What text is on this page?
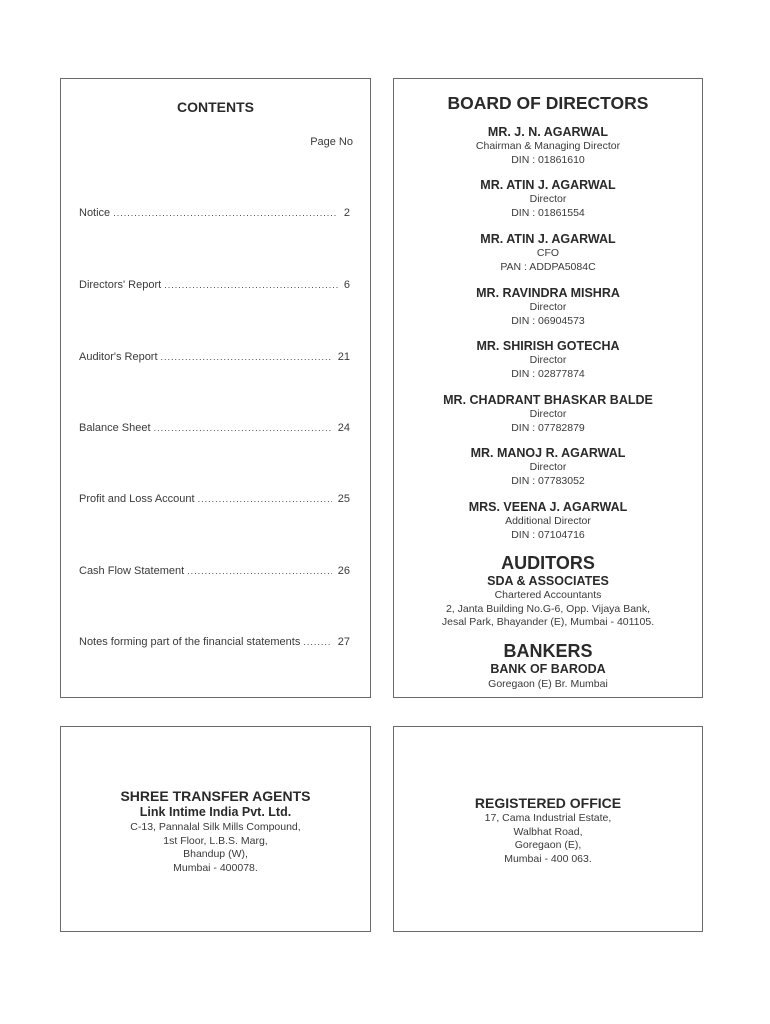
CONTENTS
Page No
Notice .....	2
Directors' Report .....	6
Auditor's Report .....	21
Balance Sheet .....	24
Profit and Loss Account .....	25
Cash Flow Statement .....	26
Notes forming part of the financial statements .....	27
BOARD OF DIRECTORS
MR. J. N. AGARWAL
Chairman & Managing Director
DIN : 01861610
MR. ATIN J. AGARWAL
Director
DIN : 01861554
MR. ATIN J. AGARWAL
CFO
PAN : ADDPA5084C
MR. RAVINDRA MISHRA
Director
DIN : 06904573
MR. SHIRISH GOTECHA
Director
DIN : 02877874
MR. CHADRANT BHASKAR BALDE
Director
DIN : 07782879
MR. MANOJ R. AGARWAL
Director
DIN : 07783052
MRS. VEENA J. AGARWAL
Additional Director
DIN : 07104716
AUDITORS
SDA & ASSOCIATES
Chartered Accountants
2, Janta Building No.G-6, Opp. Vijaya Bank,
Jesal Park, Bhayander (E), Mumbai - 401105.
BANKERS
BANK OF BARODA
Goregaon (E) Br. Mumbai
SHREE TRANSFER AGENTS
Link Intime India Pvt. Ltd.
C-13, Pannalal Silk Mills Compound,
1st Floor, L.B.S. Marg,
Bhandup (W),
Mumbai - 400078.
REGISTERED OFFICE
17, Cama Industrial Estate,
Walbhat Road,
Goregaon (E),
Mumbai - 400 063.
